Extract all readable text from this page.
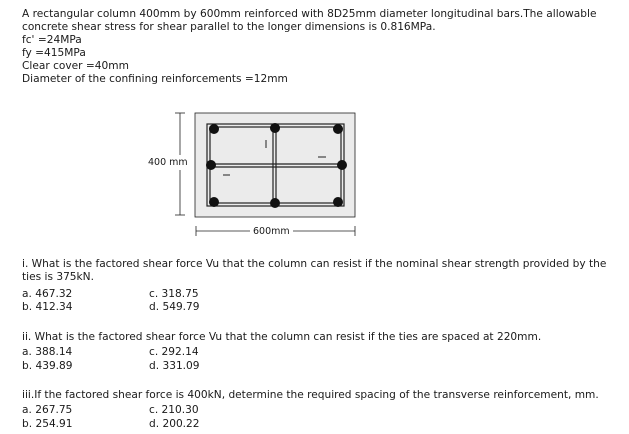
A rectangular column 400mm by 600mm reinforced with 8D25mm diameter longitudinal bars.The allowable
concrete shear stress for shear parallel to the longer dimensions is 0.816MPa.
fc' =24MPa
fy =415MPa
Clear cover =40mm
Diameter of the confining reinforcements =12mm
400 mm
600mm
i. What is the factored shear force Vu that the column can resist if the nominal shear strength provided by the ties is 375kN.
a. 467.32
b. 412.34
c. 318.75
d. 549.79
ii. What is the factored shear force Vu that the column can resist if the ties are spaced at 220mm.
a. 388.14
b. 439.89
c. 292.14
d. 331.09
iii.If the factored shear force is 400kN, determine the required spacing of the transverse reinforcement, mm.
a. 267.75
b. 254.91
c. 210.30
d. 200.22
